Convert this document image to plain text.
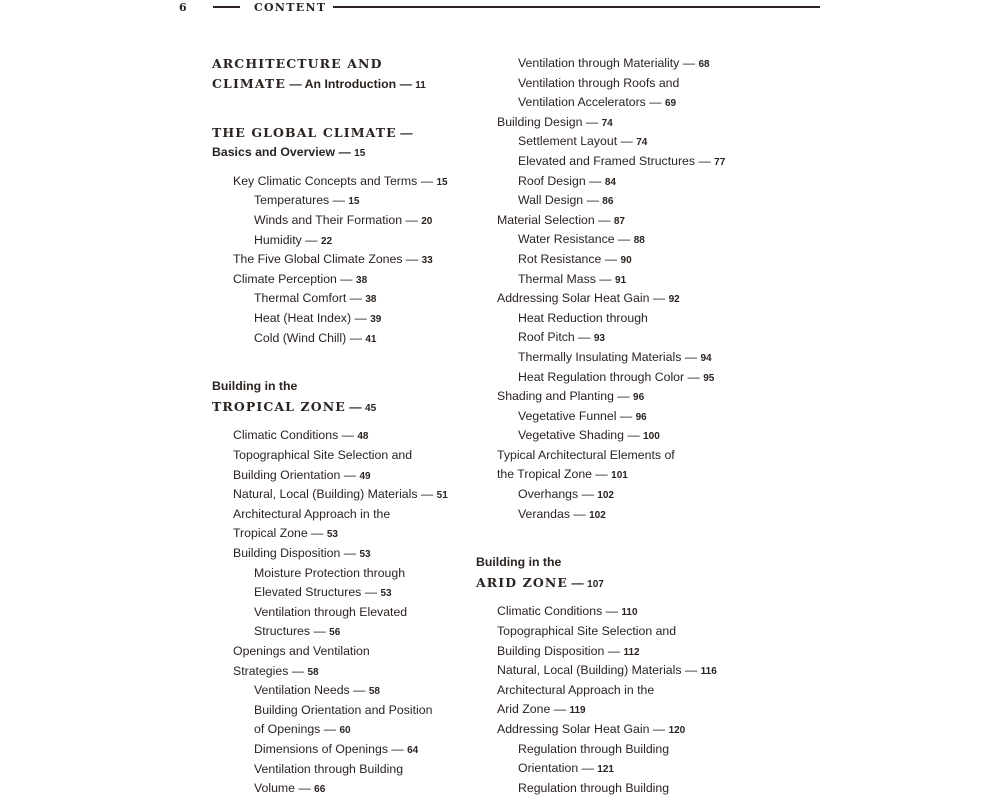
6	CONTENT
ARCHITECTURE AND
CLIMATE — An Introduction — 11
THE GLOBAL CLIMATE —
Basics and Overview — 15
Key Climatic Concepts and Terms — 15
Temperatures — 15
Winds and Their Formation — 20
Humidity — 22
The Five Global Climate Zones — 33
Climate Perception — 38
Thermal Comfort — 38
Heat (Heat Index) — 39
Cold (Wind Chill) — 41
Building in the
TROPICAL ZONE — 45
Climatic Conditions — 48
Topographical Site Selection and
Building Orientation — 49
Natural, Local (Building) Materials — 51
Architectural Approach in the
Tropical Zone — 53
Building Disposition — 53
Moisture Protection through
Elevated Structures — 53
Ventilation through Elevated
Structures — 56
Openings and Ventilation
Strategies — 58
Ventilation Needs — 58
Building Orientation and Position
of Openings — 60
Dimensions of Openings — 64
Ventilation through Building
Volume — 66
Ventilation through Materiality — 68
Ventilation through Roofs and
Ventilation Accelerators — 69
Building Design — 74
Settlement Layout — 74
Elevated and Framed Structures — 77
Roof Design — 84
Wall Design — 86
Material Selection — 87
Water Resistance — 88
Rot Resistance — 90
Thermal Mass — 91
Addressing Solar Heat Gain — 92
Heat Reduction through
Roof Pitch — 93
Thermally Insulating Materials — 94
Heat Regulation through Color — 95
Shading and Planting — 96
Vegetative Funnel — 96
Vegetative Shading — 100
Typical Architectural Elements of
the Tropical Zone — 101
Overhangs — 102
Verandas — 102
Building in the
ARID ZONE — 107
Climatic Conditions — 110
Topographical Site Selection and
Building Disposition — 112
Natural, Local (Building) Materials — 116
Architectural Approach in the
Arid Zone — 119
Addressing Solar Heat Gain — 120
Regulation through Building
Orientation — 121
Regulation through Building
